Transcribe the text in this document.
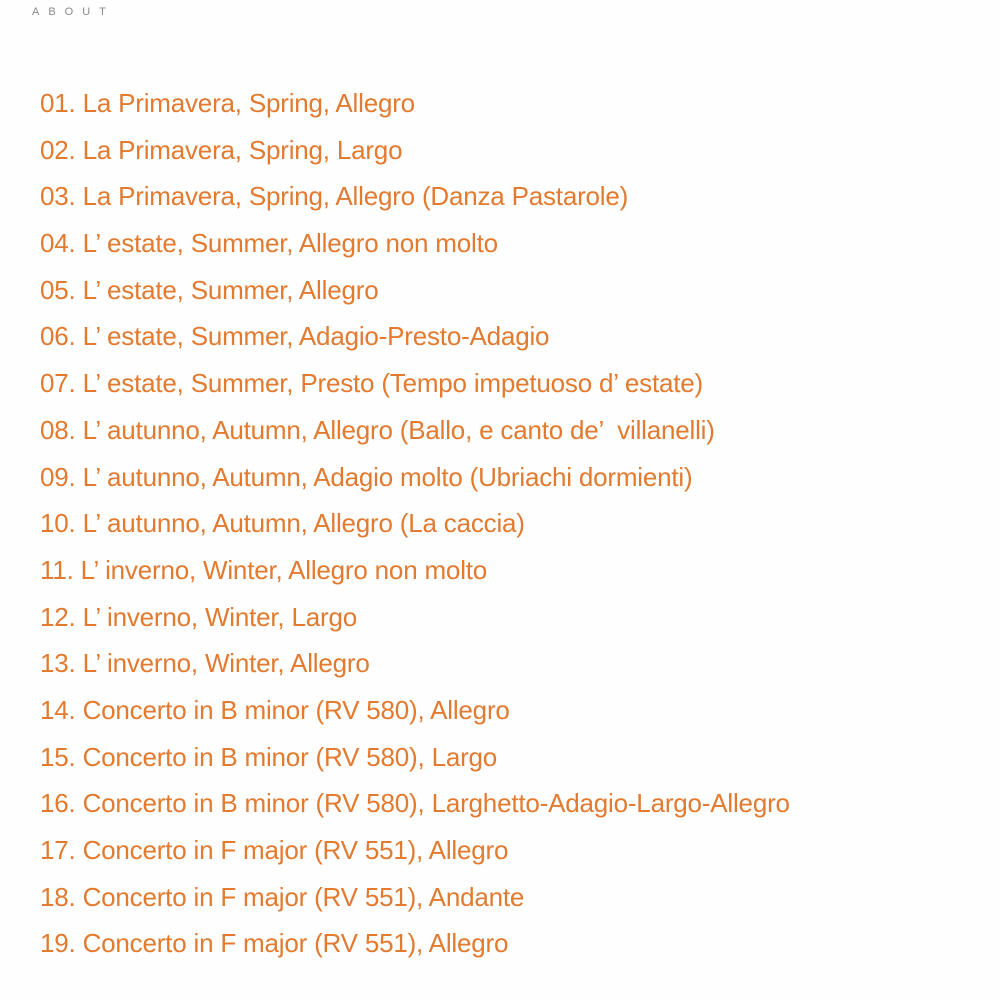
ABOUT
01. La Primavera, Spring, Allegro
02. La Primavera, Spring, Largo
03. La Primavera, Spring, Allegro (Danza Pastarole)
04. L’ estate, Summer, Allegro non molto
05. L’ estate, Summer, Allegro
06. L’ estate, Summer, Adagio-Presto-Adagio
07. L’ estate, Summer, Presto (Tempo impetuoso d’ estate)
08. L’ autunno, Autumn, Allegro (Ballo, e canto de’  villanelli)
09. L’ autunno, Autumn, Adagio molto (Ubriachi dormienti)
10. L’ autunno, Autumn, Allegro (La caccia)
11. L’ inverno, Winter, Allegro non molto
12. L’ inverno, Winter, Largo
13. L’ inverno, Winter, Allegro
14. Concerto in B minor (RV 580), Allegro
15. Concerto in B minor (RV 580), Largo
16. Concerto in B minor (RV 580), Larghetto-Adagio-Largo-Allegro
17. Concerto in F major (RV 551), Allegro
18. Concerto in F major (RV 551), Andante
19. Concerto in F major (RV 551), Allegro
